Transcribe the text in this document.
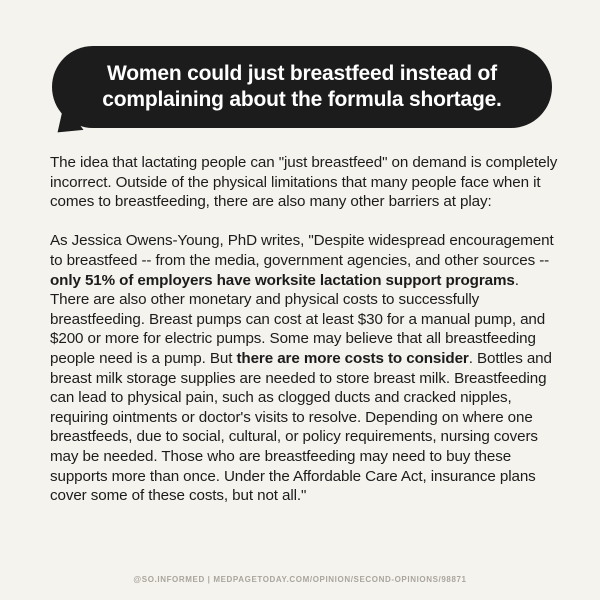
Women could just breastfeed instead of complaining about the formula shortage.

The idea that lactating people can "just breastfeed" on demand is completely incorrect. Outside of the physical limitations that many people face when it comes to breastfeeding, there are also many other barriers at play:

As Jessica Owens-Young, PhD writes, "Despite widespread encouragement to breastfeed -- from the media, government agencies, and other sources -- only 51% of employers have worksite lactation support programs. There are also other monetary and physical costs to successfully breastfeeding. Breast pumps can cost at least $30 for a manual pump, and $200 or more for electric pumps. Some may believe that all breastfeeding people need is a pump. But there are more costs to consider. Bottles and breast milk storage supplies are needed to store breast milk. Breastfeeding can lead to physical pain, such as clogged ducts and cracked nipples, requiring ointments or doctor's visits to resolve. Depending on where one breastfeeds, due to social, cultural, or policy requirements, nursing covers may be needed. Those who are breastfeeding may need to buy these supports more than once. Under the Affordable Care Act, insurance plans cover some of these costs, but not all."

@SO.INFORMED | MEDPAGETODAY.COM/OPINION/SECOND-OPINIONS/98871
